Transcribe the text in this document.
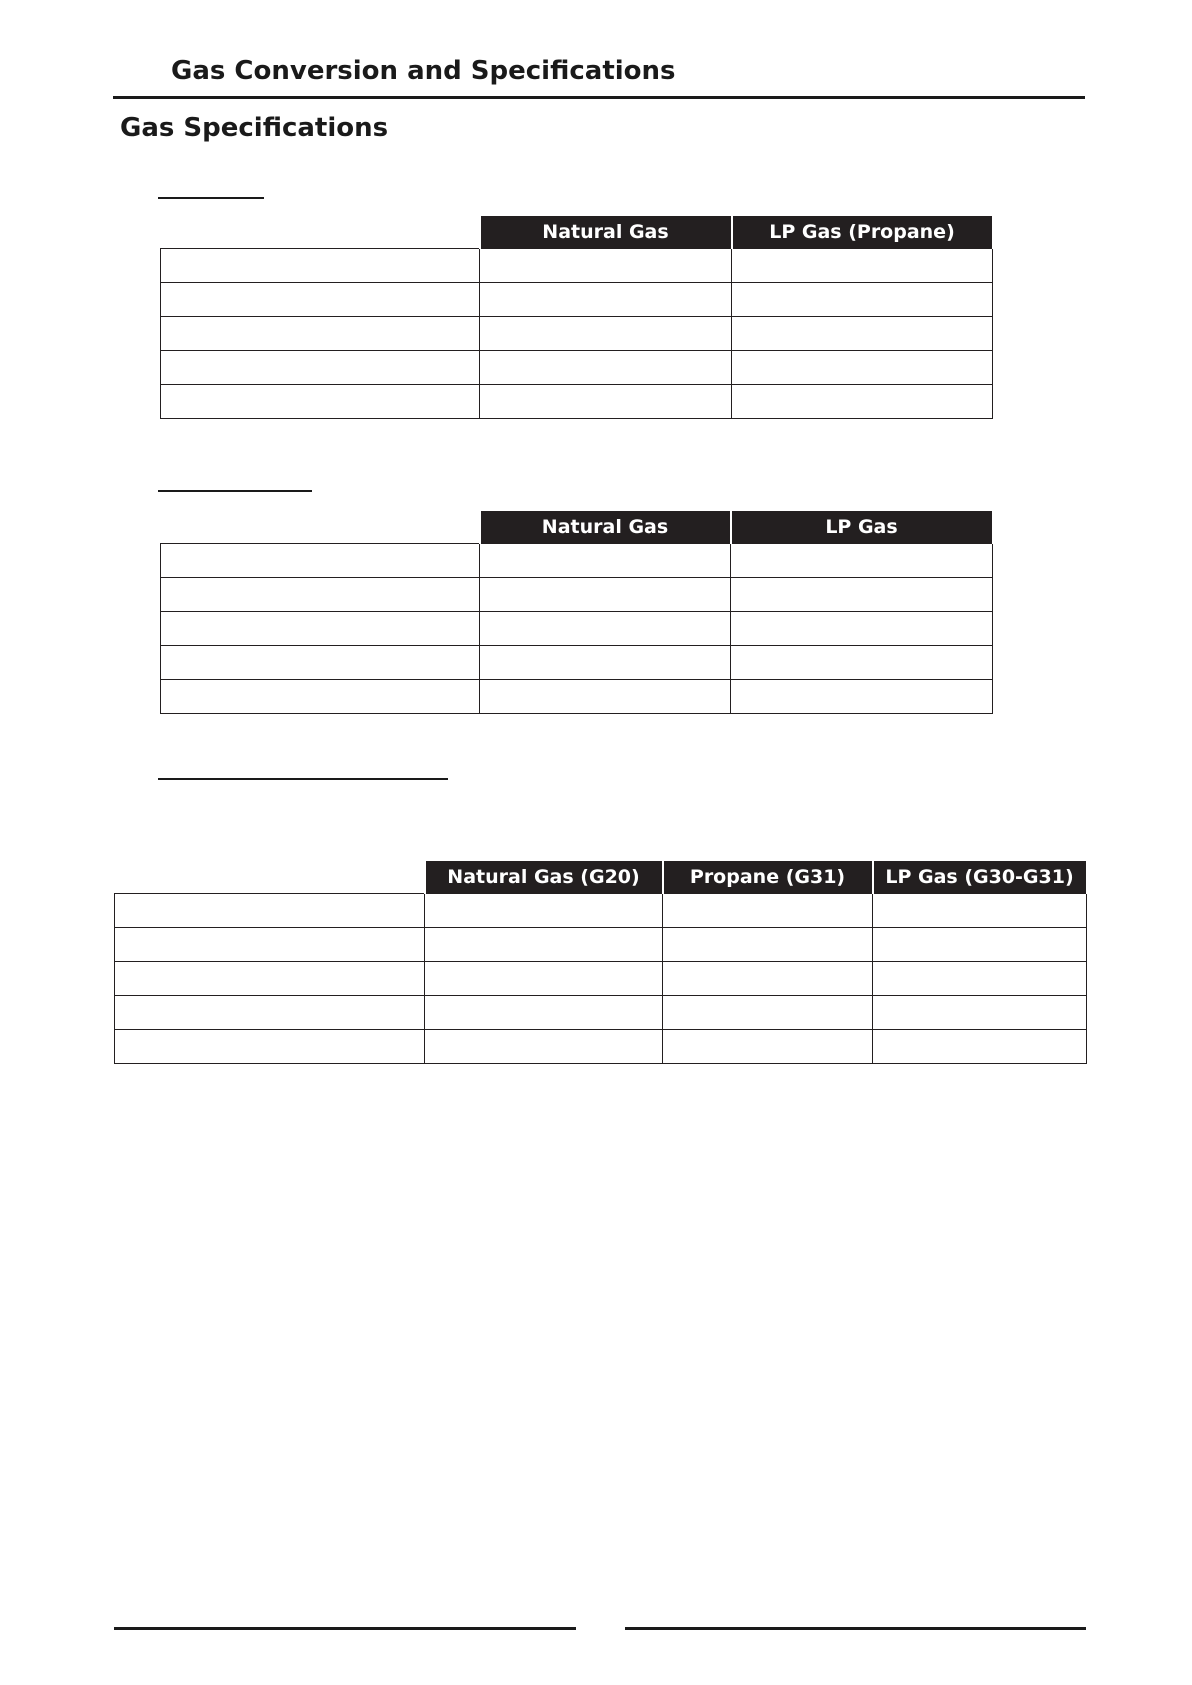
Gas Conversion and Specifications
Gas Specifications
	Natural Gas	LP Gas (Propane)

	Natural Gas	LP Gas

	Natural Gas (G20)	Propane (G31)	LP Gas (G30-G31)
